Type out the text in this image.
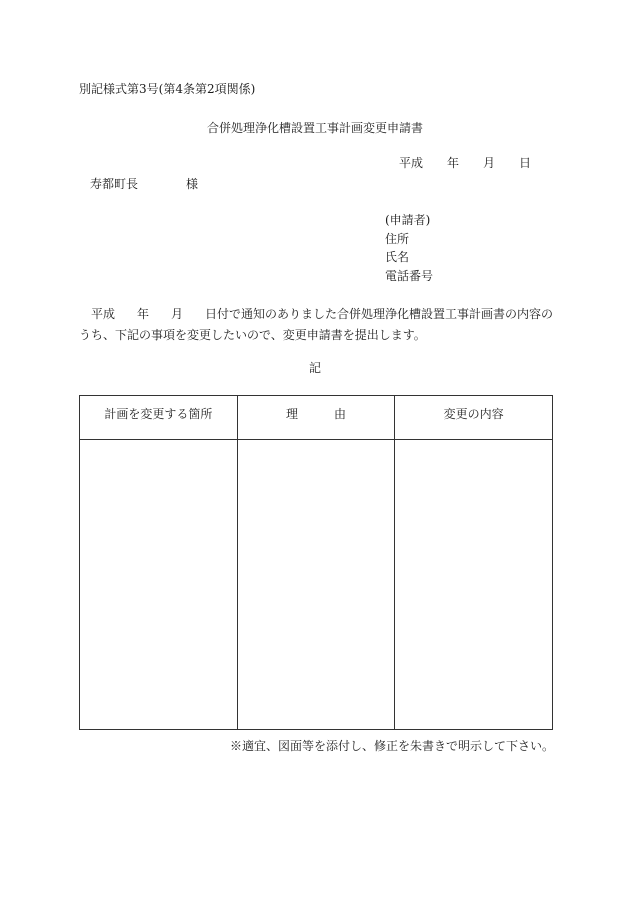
別記様式第3号(第4条第2項関係)
合併処理浄化槽設置工事計画変更申請書
平成 年 月 日
寿都町長	様
(申請者)
住所
氏名
電話番号
平成 年 月 日付で通知のありました合併処理浄化槽設置工事計画書の内容の
うち、下記の事項を変更したいので、変更申請書を提出します。
記
計画を変更する箇所	理　　　由	変更の内容

※適宜、図面等を添付し、修正を朱書きで明示して下さい。
